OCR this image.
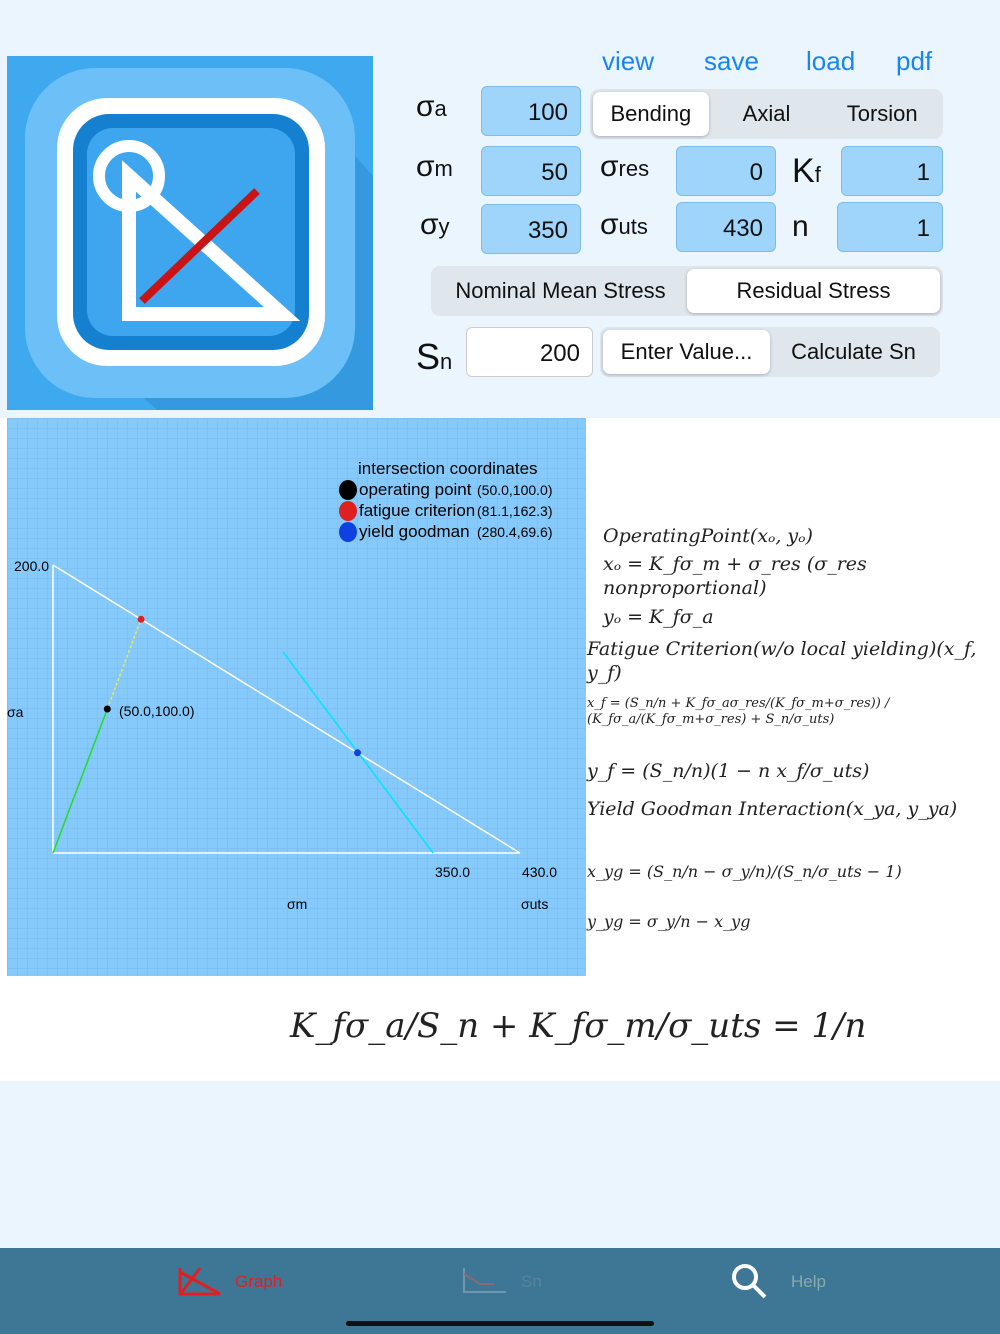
view save load pdf
σa	100
σm	50
σy	350
Bending	Axial	Torsion
σres	0
σuts	430
Kf	1
n	1
Nominal Mean Stress	Residual Stress
Sn	200	Enter Value...	Calculate Sn
intersection coordinates
operating point (50.0,100.0)
fatigue criterion (81.1,162.3)
yield goodman (280.4,69.6)
200.0
σa	(50.0,100.0)
350.0	430.0
σm	σuts
OperatingPoint(xₒ, yₒ)
xₒ = K_fσ_m + σ_res (σ_res nonproportional)
yₒ = K_fσ_a
Fatigue Criterion(w/o local yielding)(x_f, y_f)
x_f = (S_n/n + K_fσ_aσ_res/(K_fσ_m+σ_res)) / (K_fσ_a/(K_fσ_m+σ_res) + S_n/σ_uts)
y_f = (S_n/n)(1 − n x_f/σ_uts)
Yield Goodman Interaction(x_ya, y_ya)
x_yg = (S_n/n − σ_y/n)/(S_n/σ_uts − 1)
y_yg = σ_y/n − x_yg
K_fσ_a/S_n + K_fσ_m/σ_uts = 1/n
Graph	Sn	Help
